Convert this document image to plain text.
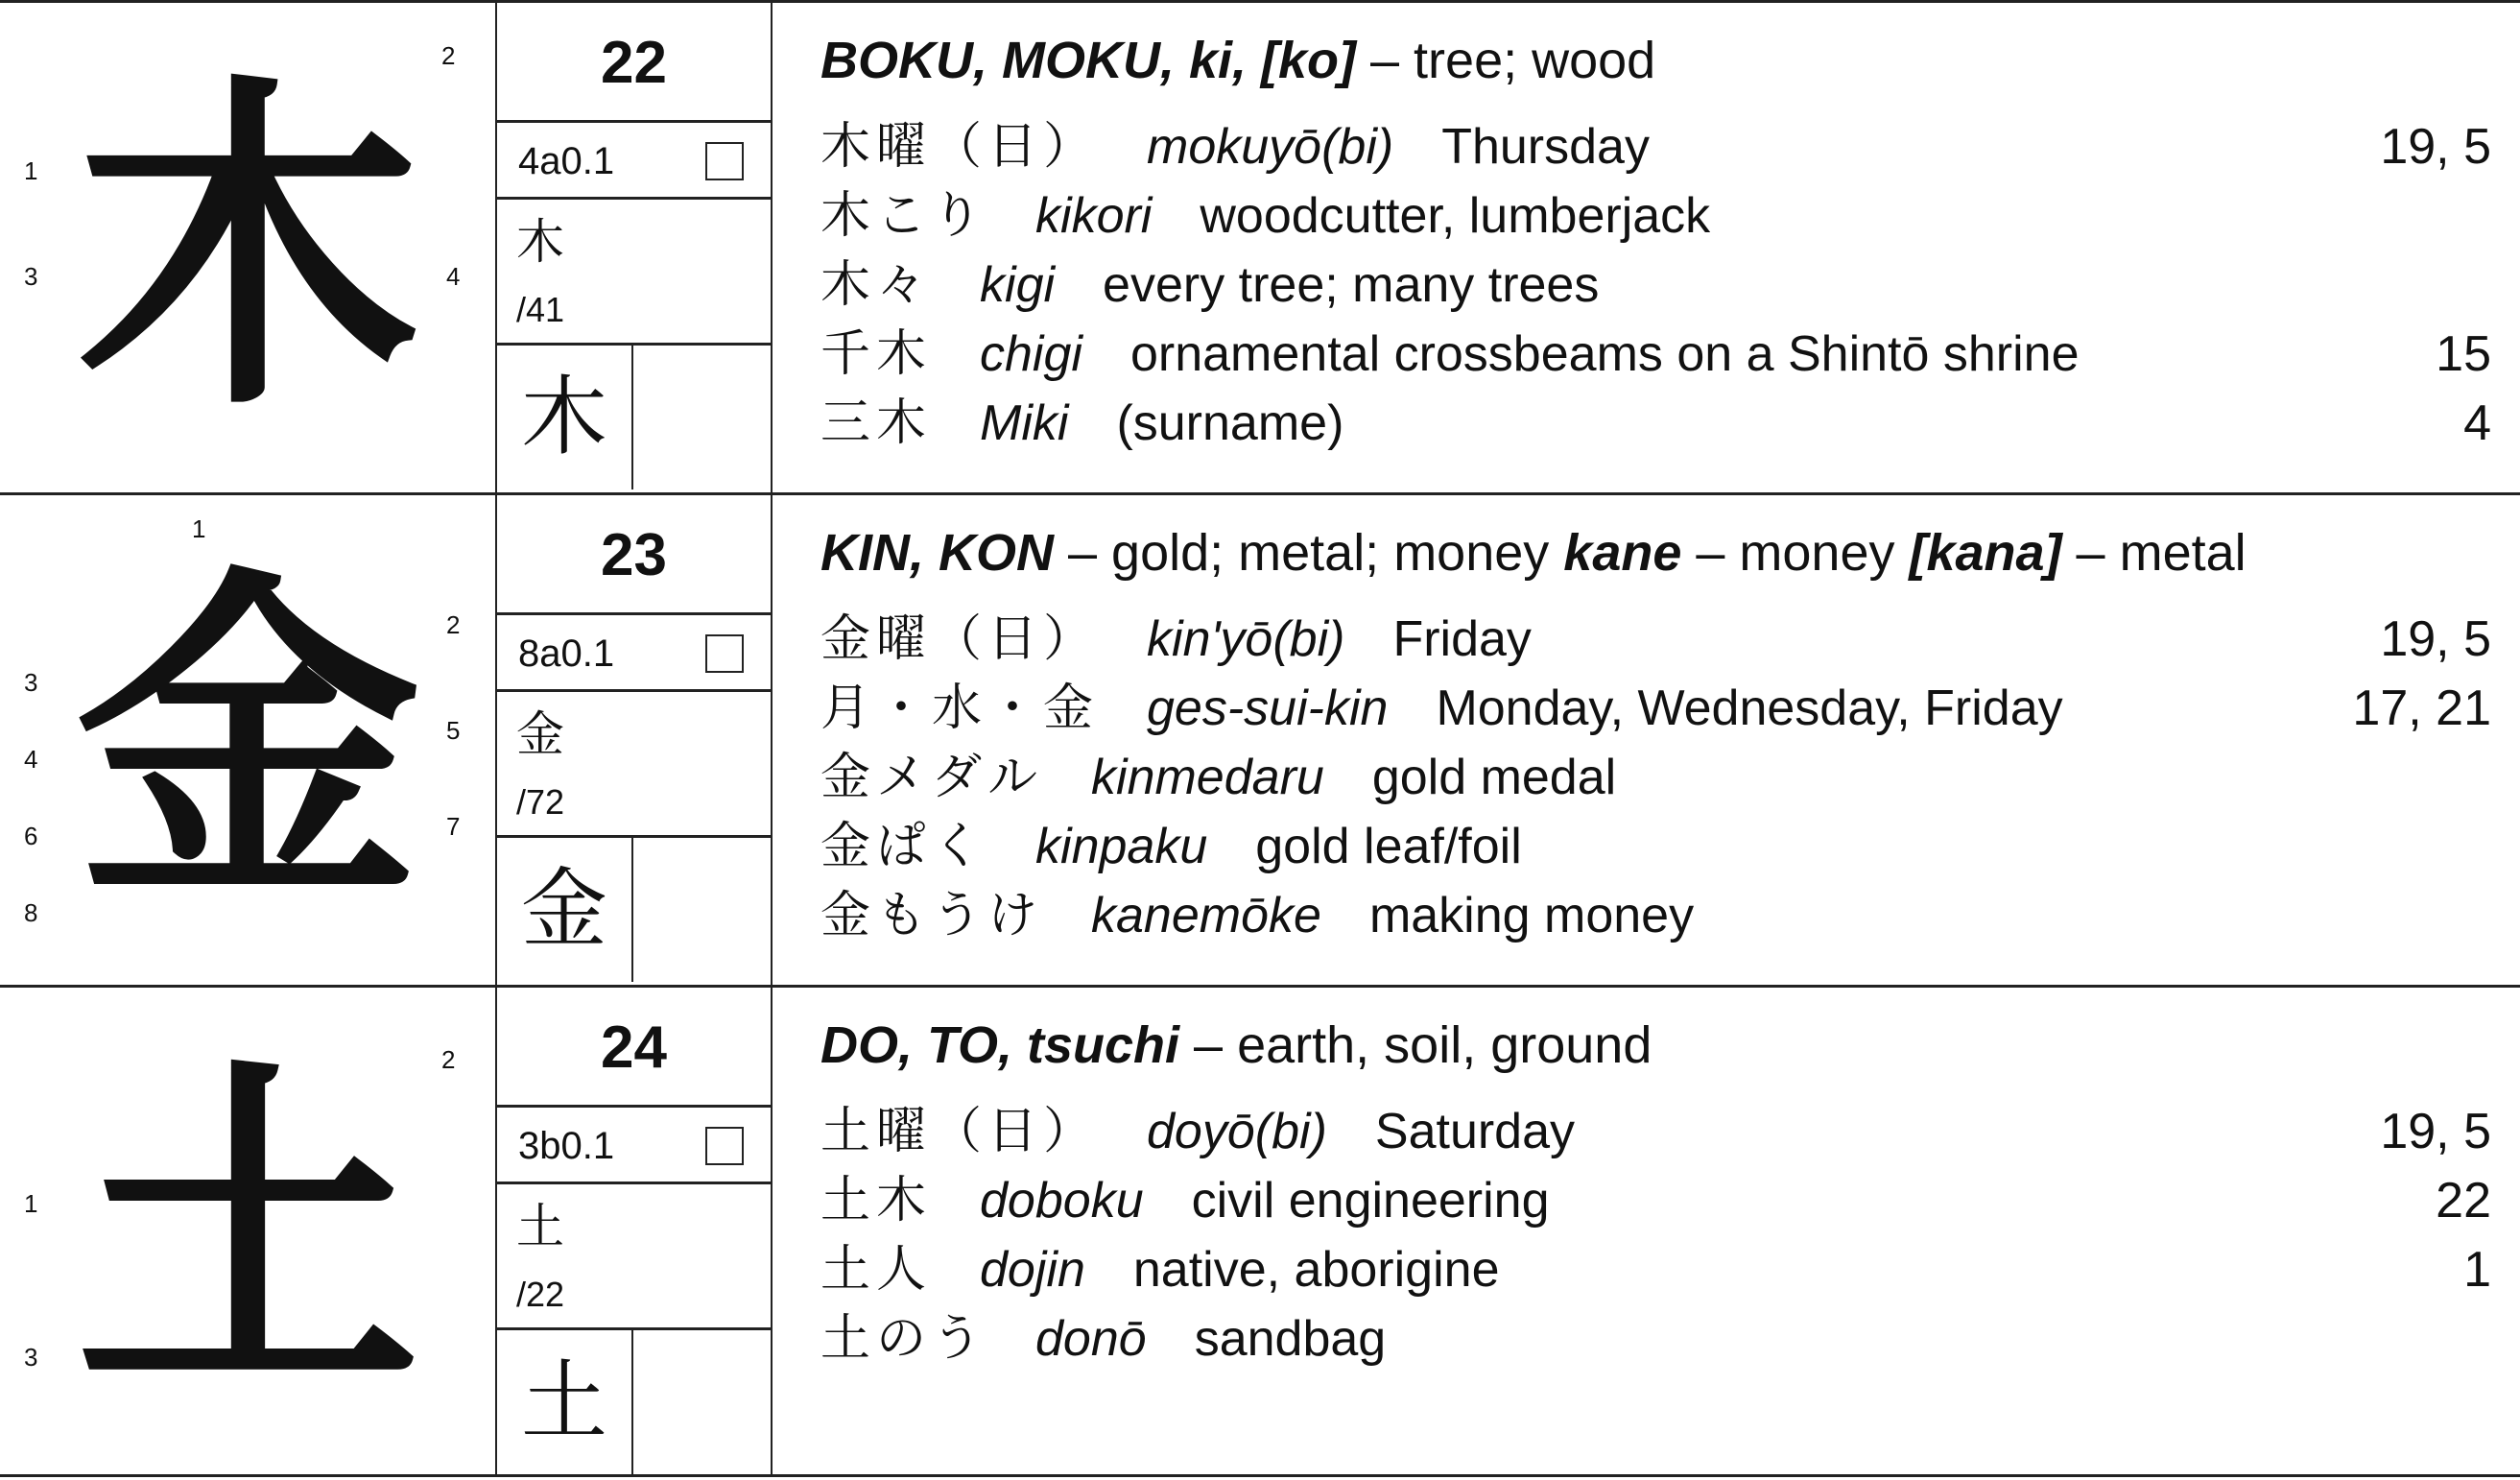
木
1
2
3	4
22
4a0.1
木
/41
木
BOKU, MOKU, ki, [ko] – tree; wood
木曜（日） mokuyō(bi) Thursday	19, 5
木こり kikori woodcutter, lumberjack
木々 kigi every tree; many trees
千木 chigi ornamental crossbeams on a Shintō shrine	15
三木 Miki (surname)	4
金
1
2
3
4
5
6	7
8
23
8a0.1
金
/72
金
KIN, KON – gold; metal; money kane – money [kana] – metal
金曜（日） kin'yō(bi) Friday	19, 5
月・水・金 ges-sui-kin Monday, Wednesday, Friday	17, 21
金メダル kinmedaru gold medal
金ぱく kinpaku gold leaf/foil
金もうけ kanemōke making money
土
1
2
3
24
3b0.1
土
/22
土
DO, TO, tsuchi – earth, soil, ground
土曜（日） doyō(bi) Saturday	19, 5
土木 doboku civil engineering	22
土人 dojin native, aborigine	1
土のう donō sandbag
